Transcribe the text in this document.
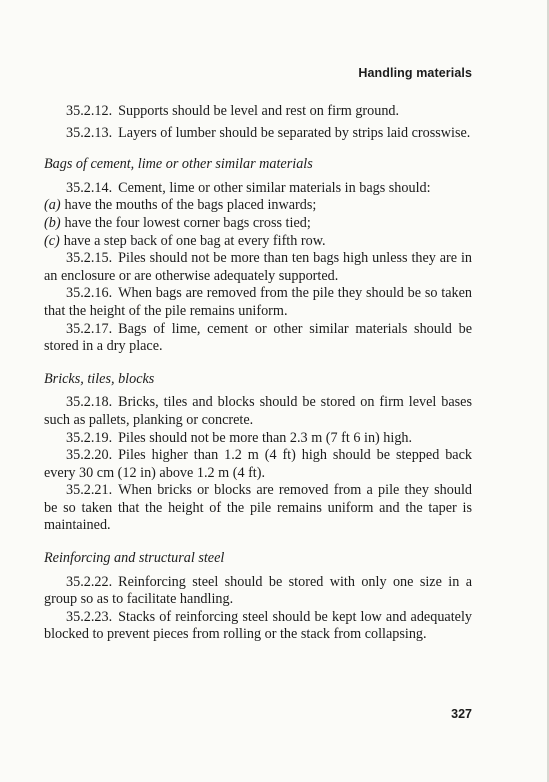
Handling materials

35.2.12. Supports should be level and rest on firm ground.

35.2.13. Layers of lumber should be separated by strips laid crosswise.

Bags of cement, lime or other similar materials

35.2.14. Cement, lime or other similar materials in bags should:

(a) have the mouths of the bags placed inwards;

(b) have the four lowest corner bags cross tied;

(c) have a step back of one bag at every fifth row.

35.2.15. Piles should not be more than ten bags high unless they are in an enclosure or are otherwise adequately supported.

35.2.16. When bags are removed from the pile they should be so taken that the height of the pile remains uniform.

35.2.17. Bags of lime, cement or other similar materials should be stored in a dry place.

Bricks, tiles, blocks

35.2.18. Bricks, tiles and blocks should be stored on firm level bases such as pallets, planking or concrete.

35.2.19. Piles should not be more than 2.3 m (7 ft 6 in) high.

35.2.20. Piles higher than 1.2 m (4 ft) high should be stepped back every 30 cm (12 in) above 1.2 m (4 ft).

35.2.21. When bricks or blocks are removed from a pile they should be so taken that the height of the pile remains uniform and the taper is maintained.

Reinforcing and structural steel

35.2.22. Reinforcing steel should be stored with only one size in a group so as to facilitate handling.

35.2.23. Stacks of reinforcing steel should be kept low and adequately blocked to prevent pieces from rolling or the stack from collapsing.

327
